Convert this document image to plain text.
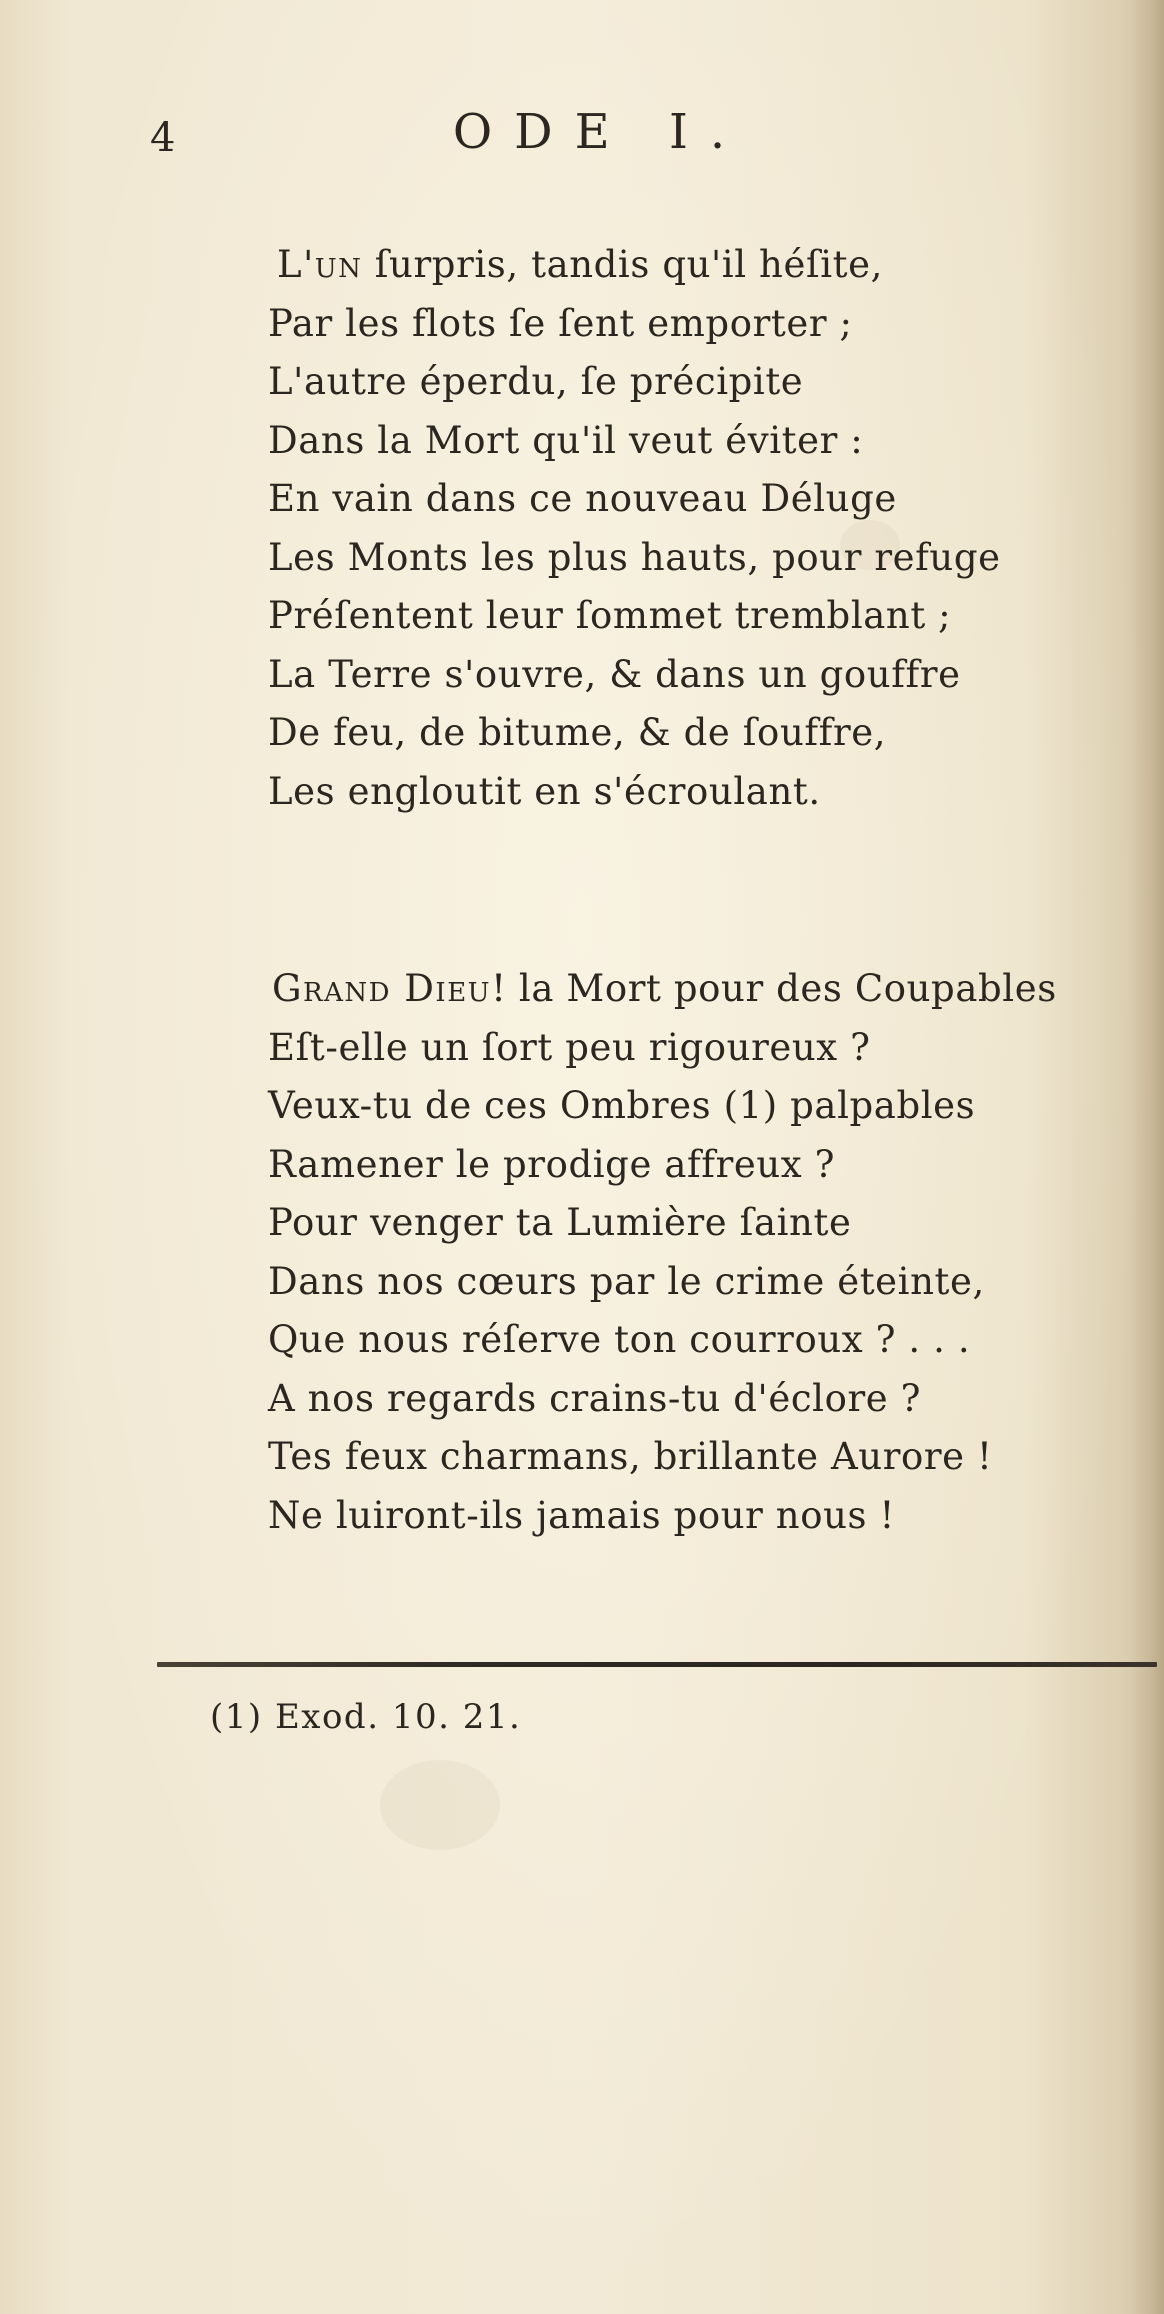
4	ODE I.
L'un ſurpris, tandis qu'il héſite,
Par les flots ſe ſent emporter ;
L'autre éperdu, ſe précipite
Dans la Mort qu'il veut éviter :
En vain dans ce nouveau Déluge
Les Monts les plus hauts, pour refuge
Préſentent leur ſommet tremblant ;
La Terre s'ouvre, & dans un gouffre
De feu, de bitume, & de ſouffre,
Les engloutit en s'écroulant.
Grand Dieu! la Mort pour des Coupables
Eſt-elle un ſort peu rigoureux ?
Veux-tu de ces Ombres (1) palpables
Ramener le prodige affreux ?
Pour venger ta Lumière ſainte
Dans nos cœurs par le crime éteinte,
Que nous réſerve ton courroux ? . . .
A nos regards crains-tu d'éclore ?
Tes feux charmans, brillante Aurore !
Ne luiront-ils jamais pour nous !

(1) Exod. 10. 21.
